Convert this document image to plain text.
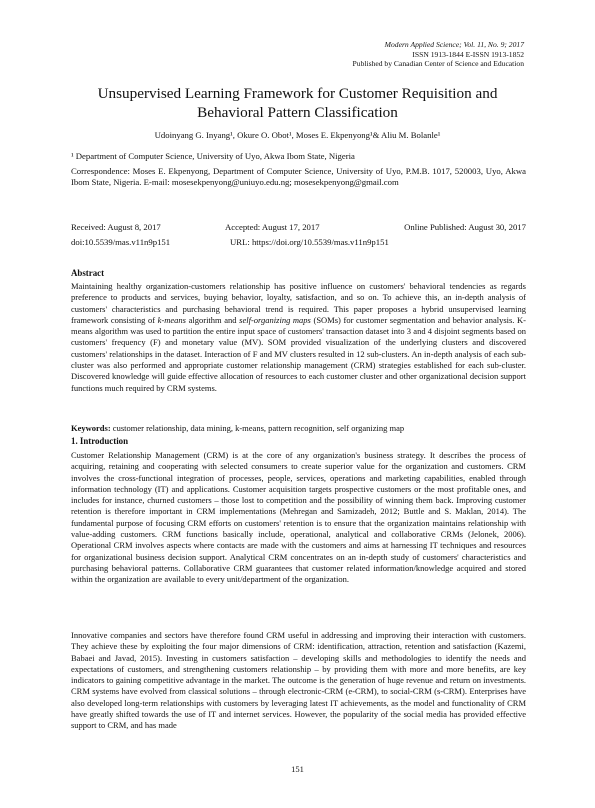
Modern Applied Science; Vol. 11, No. 9; 2017
ISSN 1913-1844 E-ISSN 1913-1852
Published by Canadian Center of Science and Education
Unsupervised Learning Framework for Customer Requisition and
Behavioral Pattern Classification
Udoinyang G. Inyang¹, Okure O. Obot¹, Moses E. Ekpenyong¹& Aliu M. Bolanle¹
¹ Department of Computer Science, University of Uyo, Akwa Ibom State, Nigeria
Correspondence: Moses E. Ekpenyong, Department of Computer Science, University of Uyo, P.M.B. 1017, 520003, Uyo, Akwa Ibom State, Nigeria. E-mail: mosesekpenyong@uniuyo.edu.ng; mosesekpenyong@gmail.com
Received: August 8, 2017	Accepted: August 17, 2017	Online Published: August 30, 2017
doi:10.5539/mas.v11n9p151	URL: https://doi.org/10.5539/mas.v11n9p151
Abstract
Maintaining healthy organization-customers relationship has positive influence on customers' behavioral tendencies as regards preference to products and services, buying behavior, loyalty, satisfaction, and so on. To achieve this, an in-depth analysis of customers' characteristics and purchasing behavioral trend is required. This paper proposes a hybrid unsupervised learning framework consisting of k-means algorithm and self-organizing maps (SOMs) for customer segmentation and behavior analysis. K-means algorithm was used to partition the entire input space of customers' transaction dataset into 3 and 4 disjoint segments based on customers' frequency (F) and monetary value (MV). SOM provided visualization of the underlying clusters and discovered customers' relationships in the dataset. Interaction of F and MV clusters resulted in 12 sub-clusters. An in-depth analysis of each sub-cluster was also performed and appropriate customer relationship management (CRM) strategies established for each sub-cluster. Discovered knowledge will guide effective allocation of resources to each customer cluster and other organizational decision support functions much required by CRM systems.
Keywords: customer relationship, data mining, k-means, pattern recognition, self organizing map
1. Introduction
Customer Relationship Management (CRM) is at the core of any organization's business strategy. It describes the process of acquiring, retaining and cooperating with selected consumers to create superior value for the organization and customers. CRM involves the cross-functional integration of processes, people, services, operations and marketing capabilities, enabled through information technology (IT) and applications. Customer acquisition targets prospective customers or the most profitable ones, and includes for instance, churned customers – those lost to competition and the possibility of winning them back. Improving customer retention is therefore important in CRM implementations (Mehregan and Samizadeh, 2012; Buttle and S. Maklan, 2014). The fundamental purpose of focusing CRM efforts on customers' retention is to ensure that the organization maintains relationship with value-adding customers. CRM functions basically include, operational, analytical and collaborative CRMs (Jelonek, 2006). Operational CRM involves aspects where contacts are made with the customers and aims at harnessing IT techniques and resources for organizational business decision support. Analytical CRM concentrates on an in-depth study of customers' characteristics and purchasing behavioral patterns. Collaborative CRM guarantees that customer related information/knowledge acquired and stored within the organization are available to every unit/department of the organization.
Innovative companies and sectors have therefore found CRM useful in addressing and improving their interaction with customers. They achieve these by exploiting the four major dimensions of CRM: identification, attraction, retention and satisfaction (Kazemi, Babaei and Javad, 2015). Investing in customers satisfaction – developing skills and methodologies to identify the needs and expectations of customers, and strengthening customers relationship – by providing them with more and more benefits, are key indicators to gaining competitive advantage in the market. The outcome is the generation of huge revenue and return on investments. CRM systems have evolved from classical solutions – through electronic-CRM (e-CRM), to social-CRM (s-CRM). Enterprises have also developed long-term relationships with customers by leveraging latest IT achievements, as the model and functionality of CRM have greatly shifted towards the use of IT and internet services. However, the popularity of the social media has provided effective support to CRM, and has made
151
